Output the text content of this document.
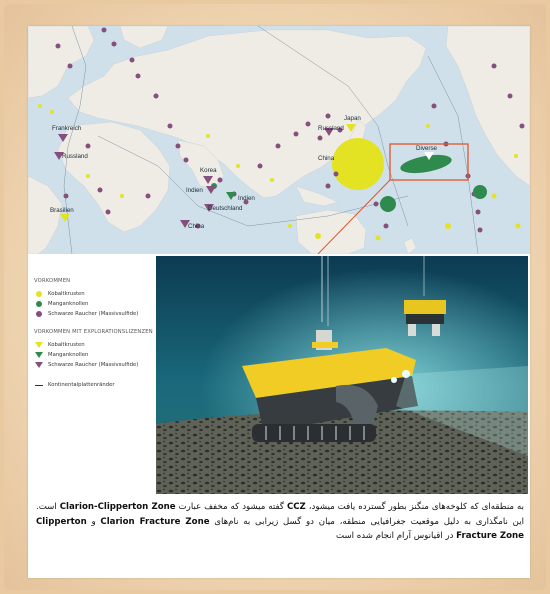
Frankreich
Russland
Brasilien
Korea
Indien
Indien
Deutschland
China
China
Russland
Japan
Diverse
VORKOMMEN
Kobaltkrusten
Manganknollen
Schwarze Raucher (Massivsulfide)
VORKOMMEN MIT EXPLORATIONSLIZENZEN
Kobaltkrusten
Manganknollen
Schwarze Raucher (Massivsulfide)
Kontinentalplattenränder
به منطقه‌ای که کلوخه‌های منگنز بطور گسترده یافت میشود، CCZ گفته میشود که مخفف عبارت Clarion-Clipperton Zone است. این نامگذاری به دلیل موقعیت جغرافیایی منطقه، میان دو گسل زیرابی به نام‌های Clarion Fracture Zone و Clipperton Fracture Zone در اقیانوس آرام انجام شده است
